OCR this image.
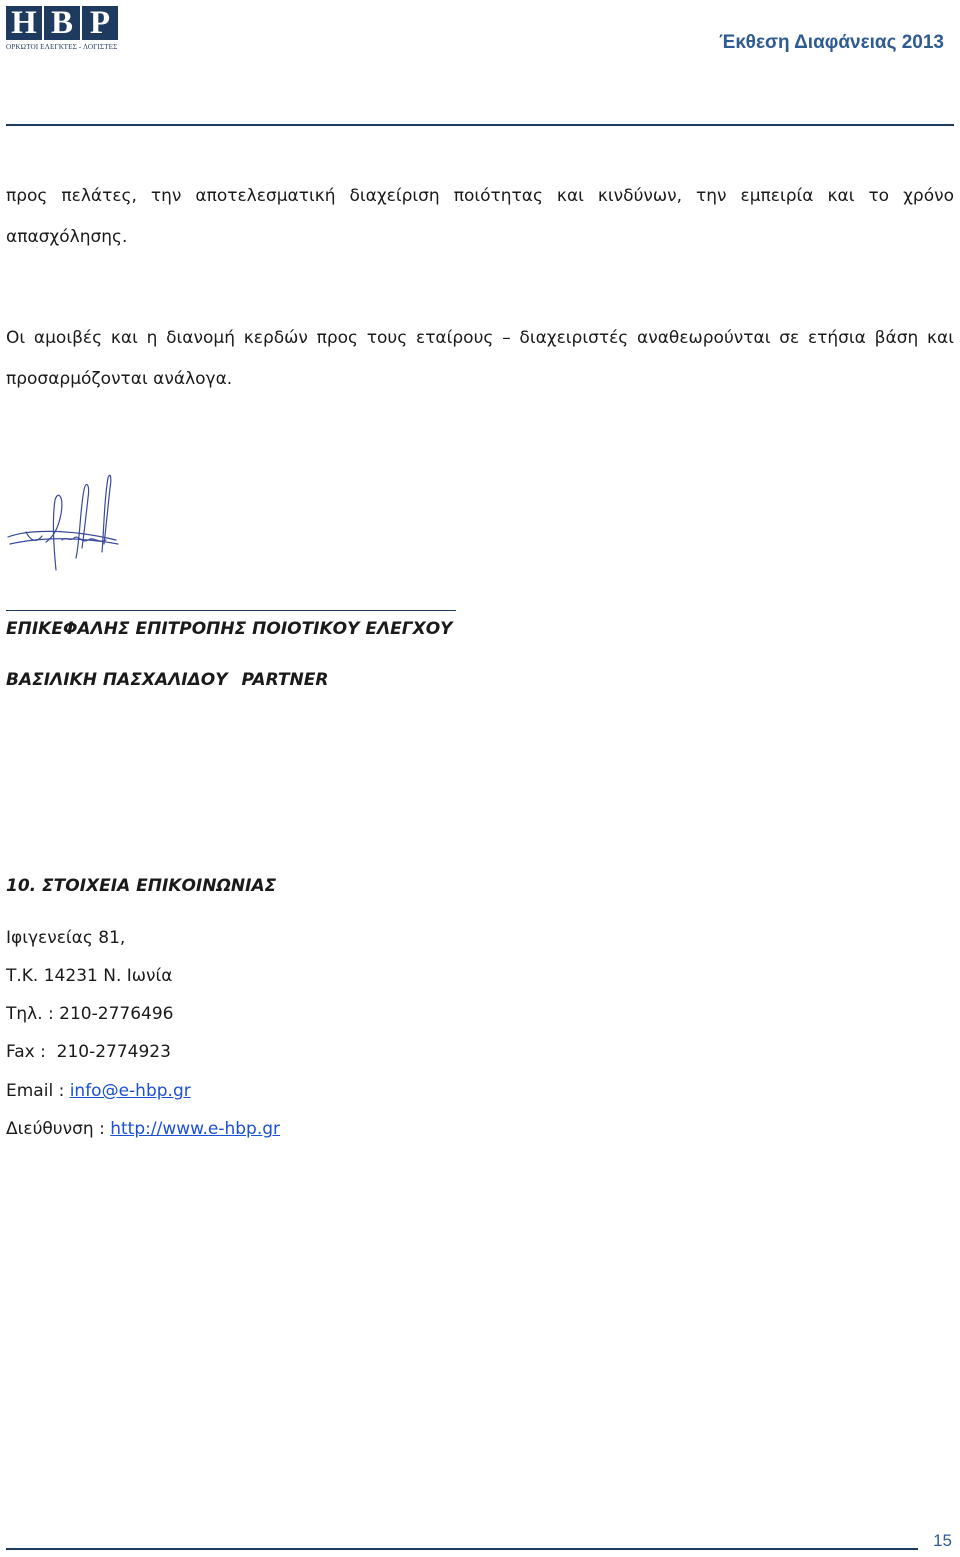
H B P
ΟΡΚΩΤΟΙ ΕΛΕΓΚΤΕΣ - ΛΟΓΙΣΤΕΣ	Έκθεση Διαφάνειας 2013

προς πελάτες, την αποτελεσματική διαχείριση ποιότητας και κινδύνων, την εμπειρία και το χρόνο απασχόλησης.

Οι αμοιβές και η διανομή κερδών προς τους εταίρους – διαχειριστές αναθεωρούνται σε ετήσια βάση και προσαρμόζονται ανάλογα.

ΕΠΙΚΕΦΑΛΗΣ ΕΠΙΤΡΟΠΗΣ ΠΟΙΟΤΙΚΟΥ ΕΛΕΓΧΟΥ

ΒΑΣΙΛΙΚΗ ΠΑΣΧΑΛΙΔΟΥ PARTNER

10. ΣΤΟΙΧΕΙΑ ΕΠΙΚΟΙΝΩΝΙΑΣ

Ιφιγενείας 81,

Τ.Κ. 14231 Ν. Ιωνία

Τηλ. : 210-2776496

Fax :  210-2774923

Email : info@e-hbp.gr

Διεύθυνση : http://www.e-hbp.gr

15
